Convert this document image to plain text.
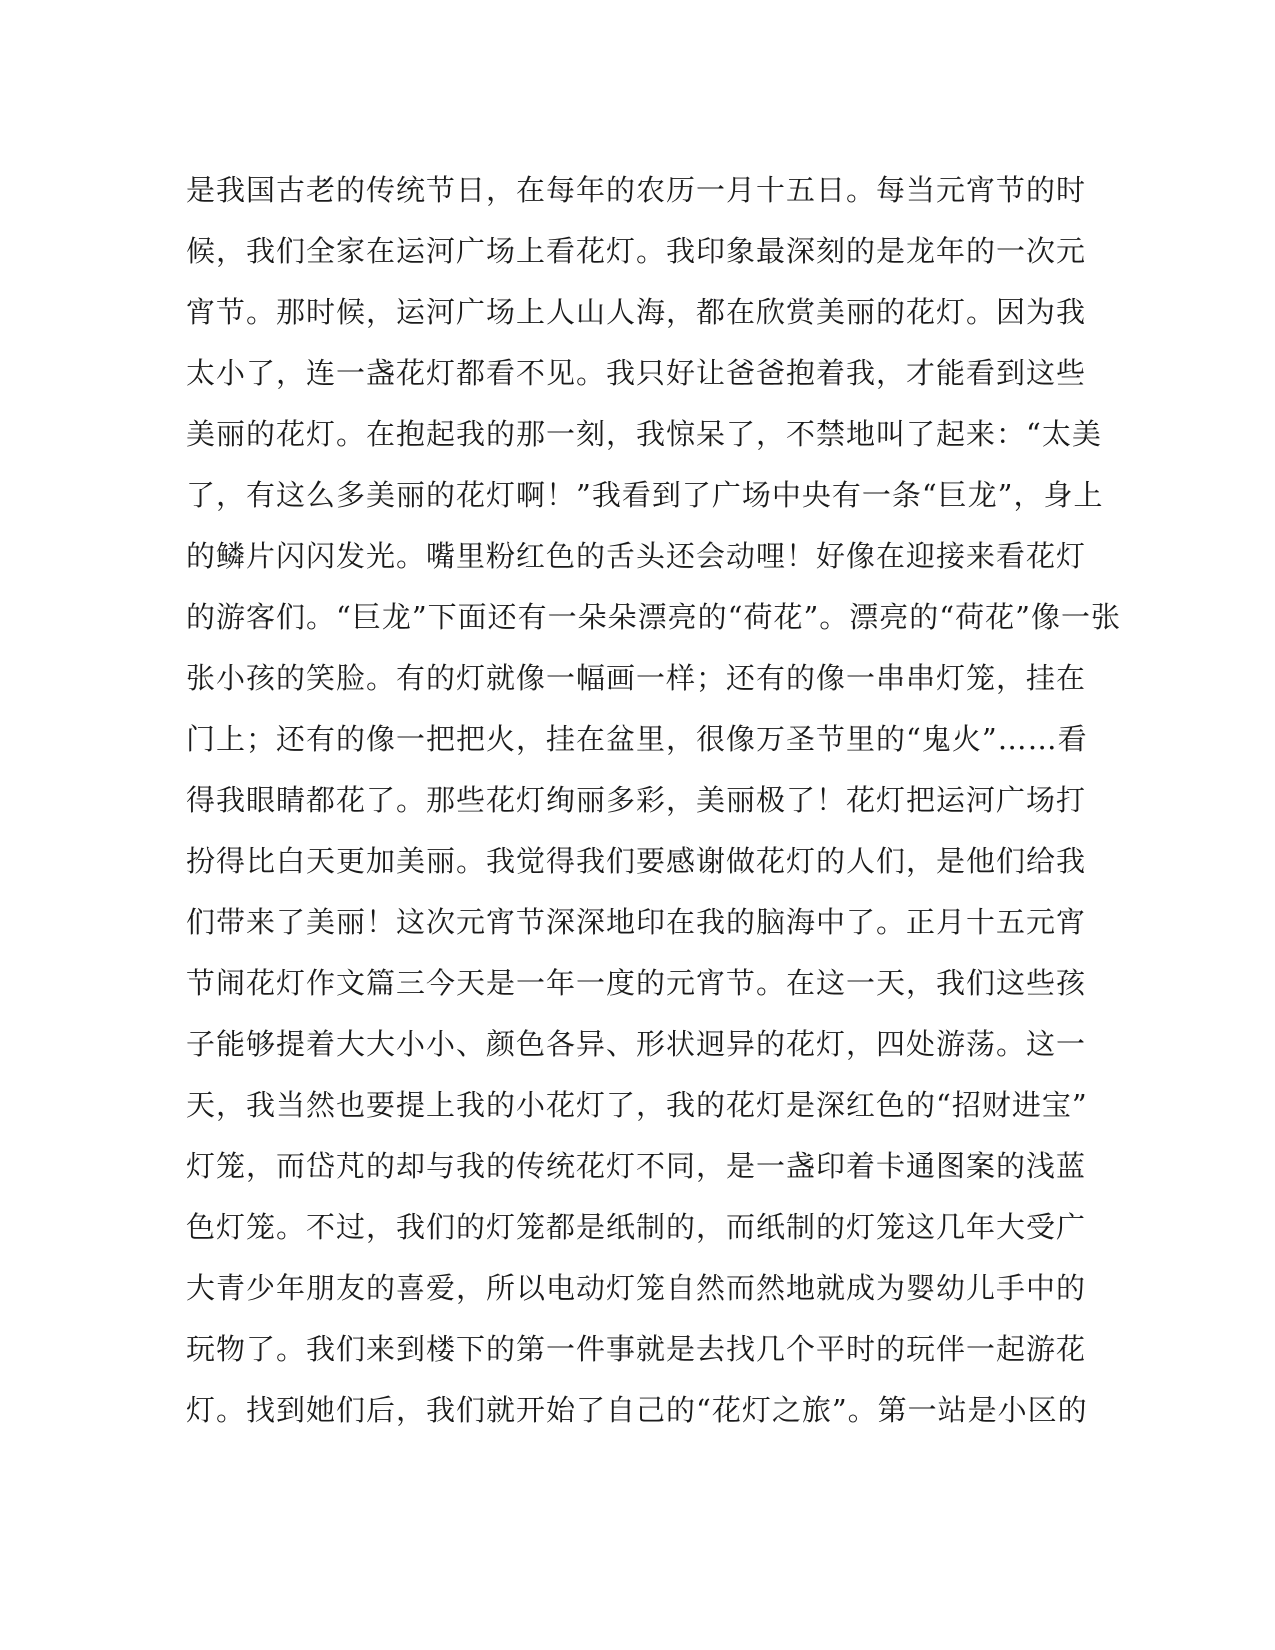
是我国古老的传统节日，在每年的农历一月十五日。每当元宵节的时
候，我们全家在运河广场上看花灯。我印象最深刻的是龙年的一次元
宵节。那时候，运河广场上人山人海，都在欣赏美丽的花灯。因为我
太小了，连一盏花灯都看不见。我只好让爸爸抱着我，才能看到这些
美丽的花灯。在抱起我的那一刻，我惊呆了，不禁地叫了起来：“太美
了，有这么多美丽的花灯啊！”我看到了广场中央有一条“巨龙”，身上
的鳞片闪闪发光。嘴里粉红色的舌头还会动哩！好像在迎接来看花灯
的游客们。“巨龙”下面还有一朵朵漂亮的“荷花”。漂亮的“荷花”像一张
张小孩的笑脸。有的灯就像一幅画一样；还有的像一串串灯笼，挂在
门上；还有的像一把把火，挂在盆里，很像万圣节里的“鬼火”……看
得我眼睛都花了。那些花灯绚丽多彩，美丽极了！花灯把运河广场打
扮得比白天更加美丽。我觉得我们要感谢做花灯的人们，是他们给我
们带来了美丽！这次元宵节深深地印在我的脑海中了。正月十五元宵
节闹花灯作文篇三今天是一年一度的元宵节。在这一天，我们这些孩
子能够提着大大小小、颜色各异、形状迥异的花灯，四处游荡。这一
天，我当然也要提上我的小花灯了，我的花灯是深红色的“招财进宝”
灯笼，而岱芃的却与我的传统花灯不同，是一盏印着卡通图案的浅蓝
色灯笼。不过，我们的灯笼都是纸制的，而纸制的灯笼这几年大受广
大青少年朋友的喜爱，所以电动灯笼自然而然地就成为婴幼儿手中的
玩物了。我们来到楼下的第一件事就是去找几个平时的玩伴一起游花
灯。找到她们后，我们就开始了自己的“花灯之旅”。第一站是小区的
